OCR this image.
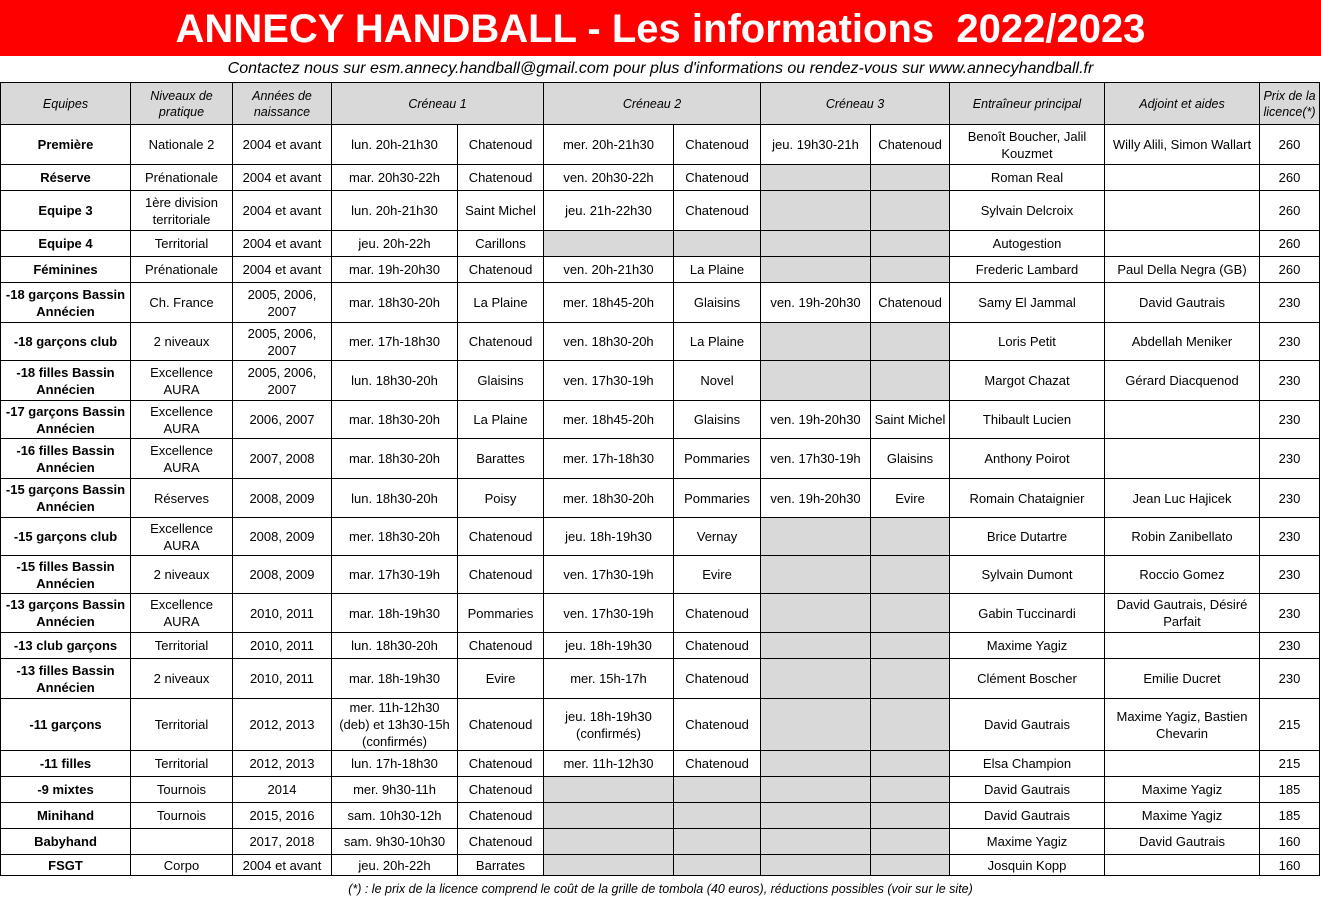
ANNECY HANDBALL - Les informations  2022/2023
Contactez nous sur esm.annecy.handball@gmail.com pour plus d'informations ou rendez-vous sur www.annecyhandball.fr
Equipes	Niveaux de pratique	Années de naissance	Créneau 1		Créneau 2		Créneau 3		Entraîneur principal	Adjoint et aides	Prix de la licence(*)
Première	Nationale 2	2004 et avant	lun. 20h-21h30	Chatenoud	mer. 20h-21h30	Chatenoud	jeu. 19h30-21h	Chatenoud	Benoît Boucher, Jalil Kouzmet	Willy Alili, Simon Wallart	260
Réserve	Prénationale	2004 et avant	mar. 20h30-22h	Chatenoud	ven. 20h30-22h	Chatenoud			Roman Real		260
Equipe 3	1ère division territoriale	2004 et avant	lun. 20h-21h30	Saint Michel	jeu. 21h-22h30	Chatenoud			Sylvain Delcroix		260
Equipe 4	Territorial	2004 et avant	jeu. 20h-22h	Carillons					Autogestion		260
Féminines	Prénationale	2004 et avant	mar. 19h-20h30	Chatenoud	ven. 20h-21h30	La Plaine			Frederic Lambard	Paul Della Negra (GB)	260
-18 garçons Bassin Annécien	Ch. France	2005, 2006, 2007	mar. 18h30-20h	La Plaine	mer. 18h45-20h	Glaisins	ven. 19h-20h30	Chatenoud	Samy El Jammal	David Gautrais	230
-18 garçons club	2 niveaux	2005, 2006, 2007	mer. 17h-18h30	Chatenoud	ven. 18h30-20h	La Plaine			Loris Petit	Abdellah Meniker	230
-18 filles Bassin Annécien	Excellence AURA	2005, 2006, 2007	lun. 18h30-20h	Glaisins	ven. 17h30-19h	Novel			Margot Chazat	Gérard Diacquenod	230
-17 garçons Bassin Annécien	Excellence AURA	2006, 2007	mar. 18h30-20h	La Plaine	mer. 18h45-20h	Glaisins	ven. 19h-20h30	Saint Michel	Thibault Lucien		230
-16 filles Bassin Annécien	Excellence AURA	2007, 2008	mar. 18h30-20h	Barattes	mer. 17h-18h30	Pommaries	ven. 17h30-19h	Glaisins	Anthony Poirot		230
-15 garçons Bassin Annécien	Réserves	2008, 2009	lun. 18h30-20h	Poisy	mer. 18h30-20h	Pommaries	ven. 19h-20h30	Evire	Romain Chataignier	Jean Luc Hajicek	230
-15 garçons club	Excellence AURA	2008, 2009	mer. 18h30-20h	Chatenoud	jeu. 18h-19h30	Vernay			Brice Dutartre	Robin Zanibellato	230
-15 filles Bassin Annécien	2 niveaux	2008, 2009	mar. 17h30-19h	Chatenoud	ven. 17h30-19h	Evire			Sylvain Dumont	Roccio Gomez	230
-13 garçons Bassin Annécien	Excellence AURA	2010, 2011	mar. 18h-19h30	Pommaries	ven. 17h30-19h	Chatenoud			Gabin Tuccinardi	David Gautrais, Désiré Parfait	230
-13 club garçons	Territorial	2010, 2011	lun. 18h30-20h	Chatenoud	jeu. 18h-19h30	Chatenoud			Maxime Yagiz		230
-13 filles Bassin Annécien	2 niveaux	2010, 2011	mar. 18h-19h30	Evire	mer. 15h-17h	Chatenoud			Clément Boscher	Emilie Ducret	230
-11 garçons	Territorial	2012, 2013	mer. 11h-12h30 (deb) et 13h30-15h (confirmés)	Chatenoud	jeu. 18h-19h30 (confirmés)	Chatenoud			David Gautrais	Maxime Yagiz, Bastien Chevarin	215
-11 filles	Territorial	2012, 2013	lun. 17h-18h30	Chatenoud	mer. 11h-12h30	Chatenoud			Elsa Champion		215
-9 mixtes	Tournois	2014	mer. 9h30-11h	Chatenoud					David Gautrais	Maxime Yagiz	185
Minihand	Tournois	2015, 2016	sam. 10h30-12h	Chatenoud					David Gautrais	Maxime Yagiz	185
Babyhand		2017, 2018	sam. 9h30-10h30	Chatenoud					Maxime Yagiz	David Gautrais	160
FSGT	Corpo	2004 et avant	jeu. 20h-22h	Barrates					Josquin Kopp		160
(*) : le prix de la licence comprend le coût de la grille de tombola (40 euros), réductions possibles (voir sur le site)
